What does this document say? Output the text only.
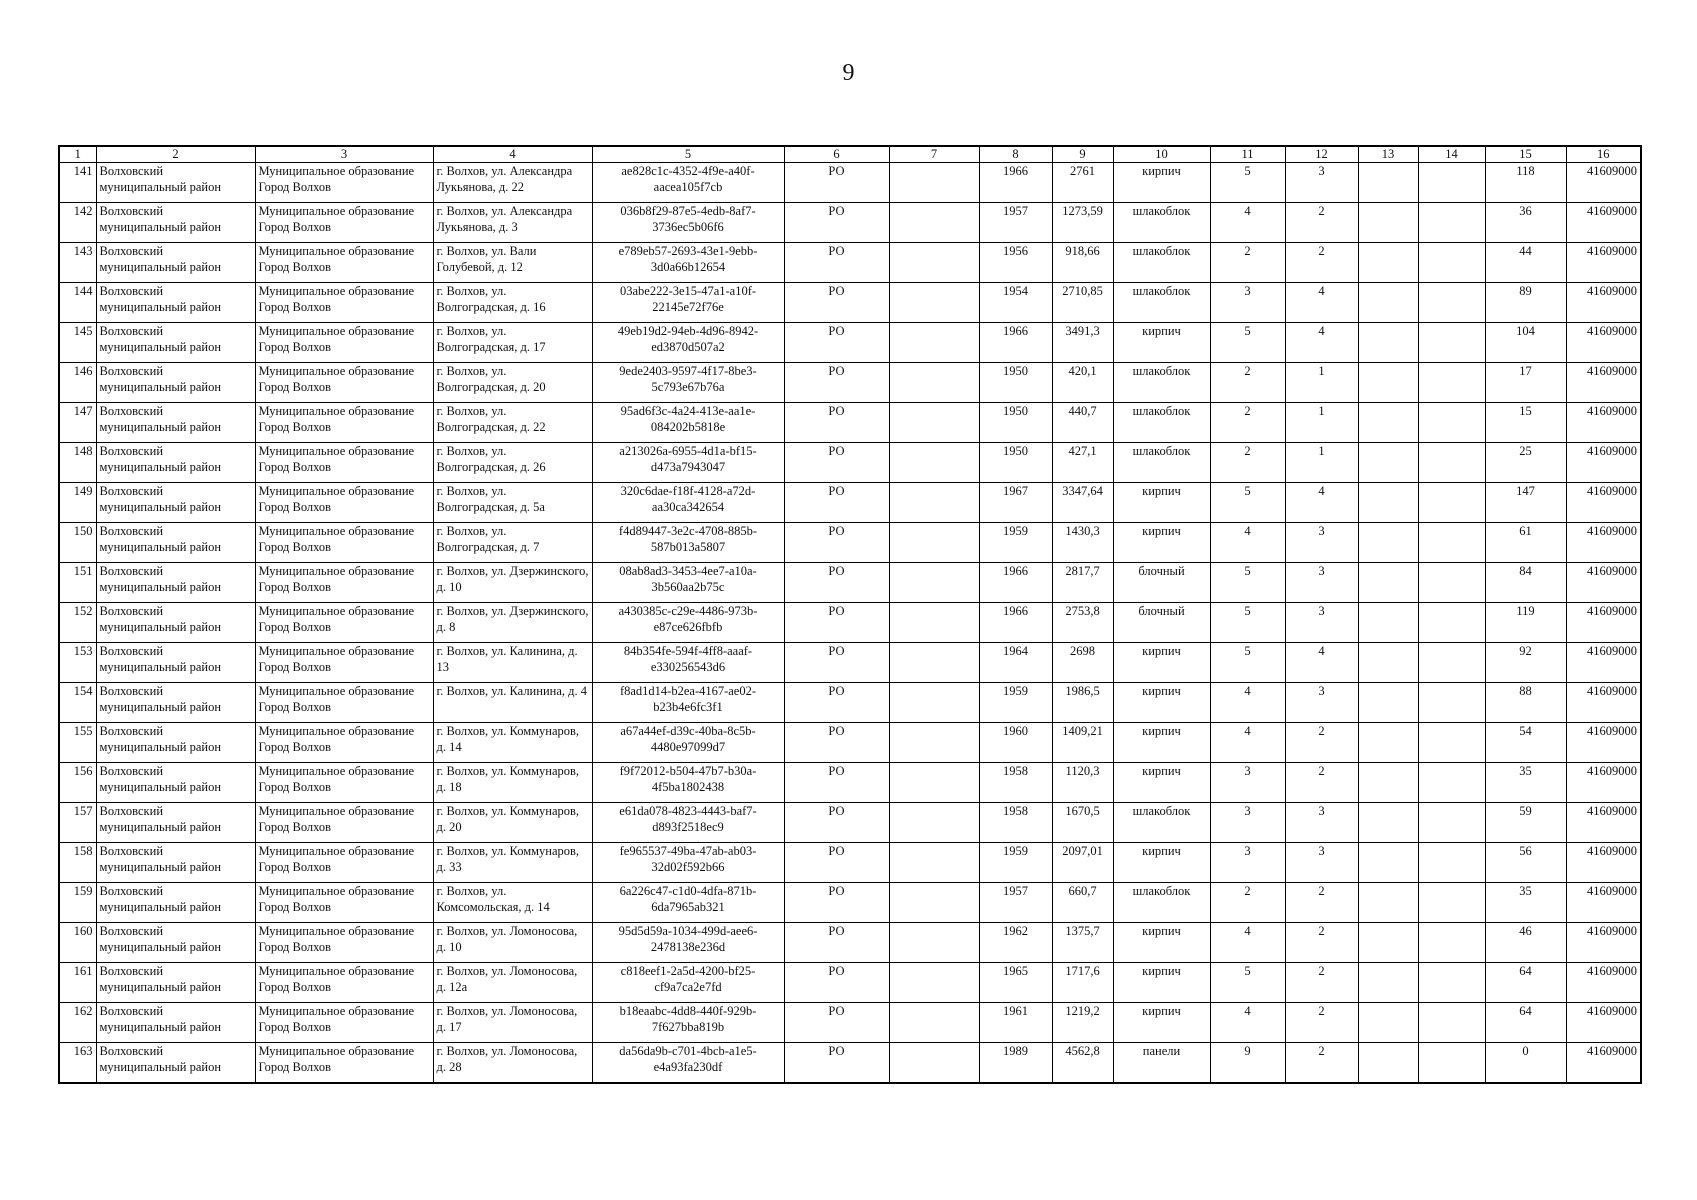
9
1	2	3	4	5	6	7	8	9	10	11	12	13	14	15	16
141	Волховский муниципальный район	Муниципальное образование Город Волхов	г. Волхов, ул. Александра Лукьянова, д. 22	ae828c1c-4352-4f9e-a40f-aacea105f7cb	РО		1966	2761	кирпич	5	3			118	41609000
142	Волховский муниципальный район	Муниципальное образование Город Волхов	г. Волхов, ул. Александра Лукьянова, д. 3	036b8f29-87e5-4edb-8af7-3736ec5b06f6	РО		1957	1273,59	шлакоблок	4	2			36	41609000
143	Волховский муниципальный район	Муниципальное образование Город Волхов	г. Волхов, ул. Вали Голубевой, д. 12	e789eb57-2693-43e1-9ebb-3d0a66b12654	РО		1956	918,66	шлакоблок	2	2			44	41609000
144	Волховский муниципальный район	Муниципальное образование Город Волхов	г. Волхов, ул. Волгоградская, д. 16	03abe222-3e15-47a1-a10f-22145e72f76e	РО		1954	2710,85	шлакоблок	3	4			89	41609000
145	Волховский муниципальный район	Муниципальное образование Город Волхов	г. Волхов, ул. Волгоградская, д. 17	49eb19d2-94eb-4d96-8942-ed3870d507a2	РО		1966	3491,3	кирпич	5	4			104	41609000
146	Волховский муниципальный район	Муниципальное образование Город Волхов	г. Волхов, ул. Волгоградская, д. 20	9ede2403-9597-4f17-8be3-5c793e67b76a	РО		1950	420,1	шлакоблок	2	1			17	41609000
147	Волховский муниципальный район	Муниципальное образование Город Волхов	г. Волхов, ул. Волгоградская, д. 22	95ad6f3c-4a24-413e-aa1e-084202b5818e	РО		1950	440,7	шлакоблок	2	1			15	41609000
148	Волховский муниципальный район	Муниципальное образование Город Волхов	г. Волхов, ул. Волгоградская, д. 26	a213026a-6955-4d1a-bf15-d473a7943047	РО		1950	427,1	шлакоблок	2	1			25	41609000
149	Волховский муниципальный район	Муниципальное образование Город Волхов	г. Волхов, ул. Волгоградская, д. 5а	320c6dae-f18f-4128-a72d-aa30ca342654	РО		1967	3347,64	кирпич	5	4			147	41609000
150	Волховский муниципальный район	Муниципальное образование Город Волхов	г. Волхов, ул. Волгоградская, д. 7	f4d89447-3e2c-4708-885b-587b013a5807	РО		1959	1430,3	кирпич	4	3			61	41609000
151	Волховский муниципальный район	Муниципальное образование Город Волхов	г. Волхов, ул. Дзержинского, д. 10	08ab8ad3-3453-4ee7-a10a-3b560aa2b75c	РО		1966	2817,7	блочный	5	3			84	41609000
152	Волховский муниципальный район	Муниципальное образование Город Волхов	г. Волхов, ул. Дзержинского, д. 8	a430385c-c29e-4486-973b-e87ce626fbfb	РО		1966	2753,8	блочный	5	3			119	41609000
153	Волховский муниципальный район	Муниципальное образование Город Волхов	г. Волхов, ул. Калинина, д. 13	84b354fe-594f-4ff8-aaaf-e330256543d6	РО		1964	2698	кирпич	5	4			92	41609000
154	Волховский муниципальный район	Муниципальное образование Город Волхов	г. Волхов, ул. Калинина, д. 4	f8ad1d14-b2ea-4167-ae02-b23b4e6fc3f1	РО		1959	1986,5	кирпич	4	3			88	41609000
155	Волховский муниципальный район	Муниципальное образование Город Волхов	г. Волхов, ул. Коммунаров, д. 14	a67a44ef-d39c-40ba-8c5b-4480e97099d7	РО		1960	1409,21	кирпич	4	2			54	41609000
156	Волховский муниципальный район	Муниципальное образование Город Волхов	г. Волхов, ул. Коммунаров, д. 18	f9f72012-b504-47b7-b30a-4f5ba1802438	РО		1958	1120,3	кирпич	3	2			35	41609000
157	Волховский муниципальный район	Муниципальное образование Город Волхов	г. Волхов, ул. Коммунаров, д. 20	e61da078-4823-4443-baf7-d893f2518ec9	РО		1958	1670,5	шлакоблок	3	3			59	41609000
158	Волховский муниципальный район	Муниципальное образование Город Волхов	г. Волхов, ул. Коммунаров, д. 33	fe965537-49ba-47ab-ab03-32d02f592b66	РО		1959	2097,01	кирпич	3	3			56	41609000
159	Волховский муниципальный район	Муниципальное образование Город Волхов	г. Волхов, ул. Комсомольская, д. 14	6a226c47-c1d0-4dfa-871b-6da7965ab321	РО		1957	660,7	шлакоблок	2	2			35	41609000
160	Волховский муниципальный район	Муниципальное образование Город Волхов	г. Волхов, ул. Ломоносова, д. 10	95d5d59a-1034-499d-aee6-2478138e236d	РО		1962	1375,7	кирпич	4	2			46	41609000
161	Волховский муниципальный район	Муниципальное образование Город Волхов	г. Волхов, ул. Ломоносова, д. 12а	c818eef1-2a5d-4200-bf25-cf9a7ca2e7fd	РО		1965	1717,6	кирпич	5	2			64	41609000
162	Волховский муниципальный район	Муниципальное образование Город Волхов	г. Волхов, ул. Ломоносова, д. 17	b18eaabc-4dd8-440f-929b-7f627bba819b	РО		1961	1219,2	кирпич	4	2			64	41609000
163	Волховский муниципальный район	Муниципальное образование Город Волхов	г. Волхов, ул. Ломоносова, д. 28	da56da9b-c701-4bcb-a1e5-e4a93fa230df	РО		1989	4562,8	панели	9	2			0	41609000
